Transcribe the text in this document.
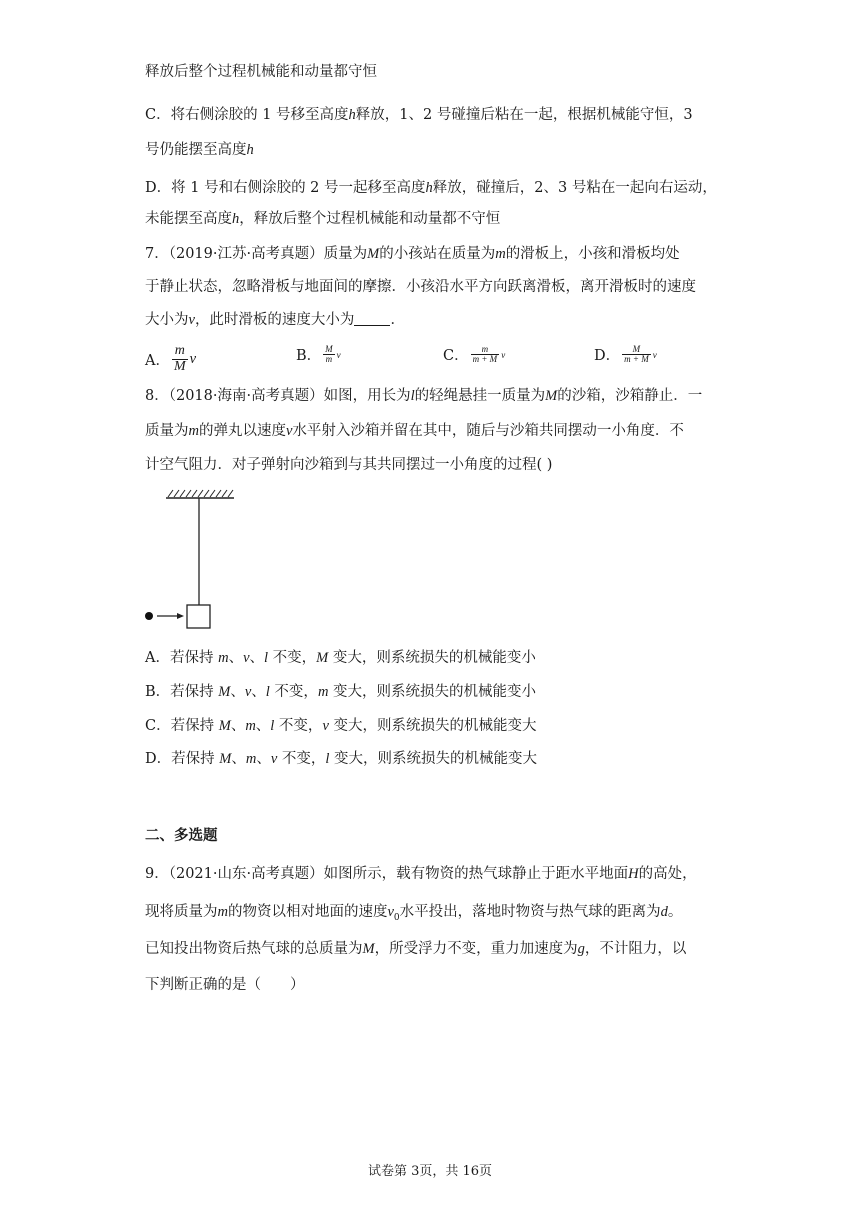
释放后整个过程机械能和动量都守恒
C．将右侧涂胶的 1 号移至高度h释放，1、2 号碰撞后粘在一起，根据机械能守恒，3
号仍能摆至高度h
D．将 1 号和右侧涂胶的 2 号一起移至高度h释放，碰撞后，2、3 号粘在一起向右运动，
未能摆至高度h，释放后整个过程机械能和动量都不守恒
7．（2019·江苏·高考真题）质量为M的小孩站在质量为m的滑板上，小孩和滑板均处
于静止状态，忽略滑板与地面间的摩擦．小孩沿水平方向跃离滑板，离开滑板时的速度
大小为v，此时滑板的速度大小为 ．
A． $\frac{m}{M}$ v	B． $\frac{M}{m}$ v	C． $\frac{m}{m + M}$ v	D． $\frac{M}{m + M}$ v
8．（2018·海南·高考真题）如图，用长为l的轻绳悬挂一质量为M的沙箱，沙箱静止．一
质量为m的弹丸以速度v水平射入沙箱并留在其中，随后与沙箱共同摆动一小角度．不
计空气阻力．对子弹射向沙箱到与其共同摆过一小角度的过程( )
A．若保持 m、v、l 不变，M 变大，则系统损失的机械能变小
B．若保持 M、v、l 不变，m 变大，则系统损失的机械能变小
C．若保持 M、m、l 不变，v 变大，则系统损失的机械能变大
D．若保持 M、m、v 不变，l 变大，则系统损失的机械能变大
二、多选题
9．（2021·山东·高考真题）如图所示，载有物资的热气球静止于距水平地面H的高处，
现将质量为m的物资以相对地面的速度$v_0$水平投出，落地时物资与热气球的距离为d。
已知投出物资后热气球的总质量为M，所受浮力不变，重力加速度为g，不计阻力，以
下判断正确的是（　　）
试卷第 3页，共 16页
